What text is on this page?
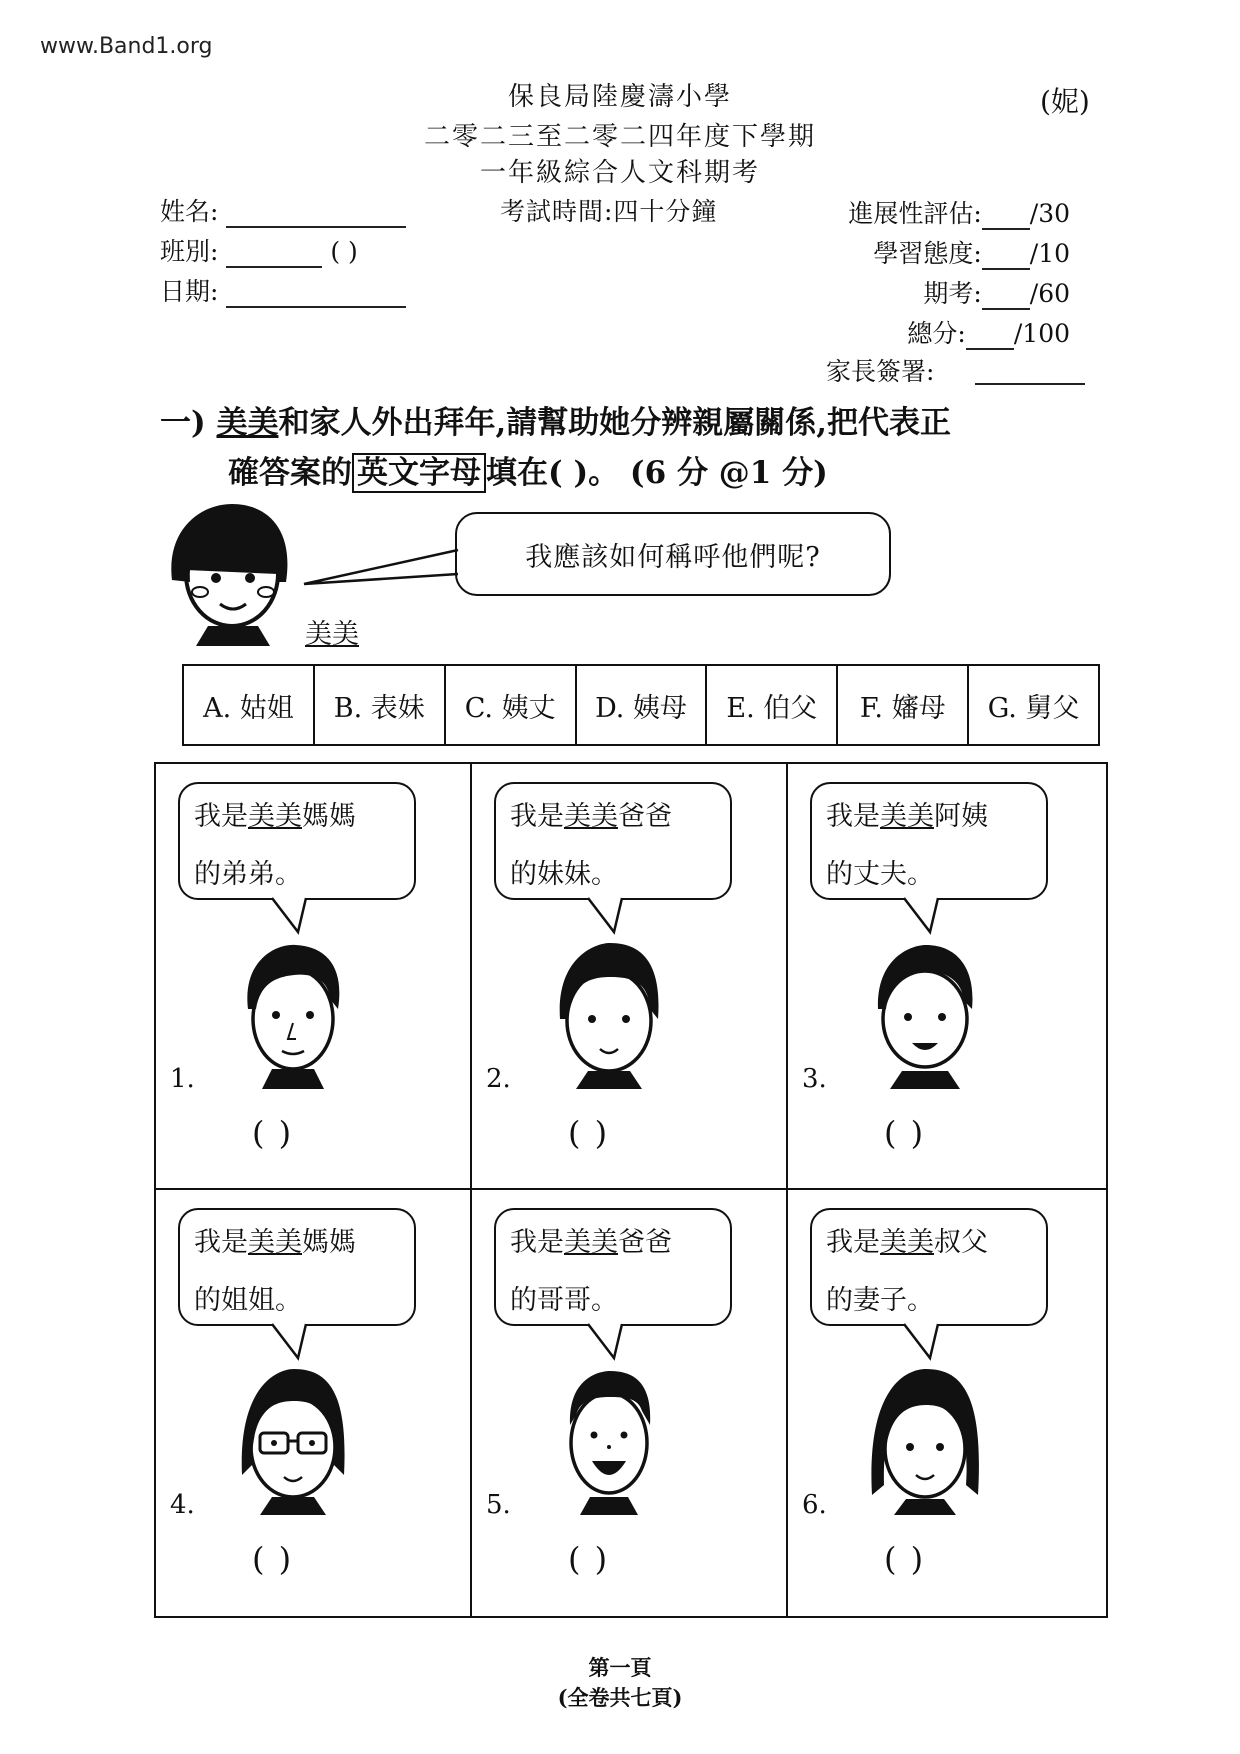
www.Band1.org
(妮)
保良局陸慶濤小學
二零二三至二零二四年度下學期
一年級綜合人文科期考
考試時間:四十分鐘
姓名:
班別:	( )
日期:
進展性評估: /30
學習態度: /10
期考: /60
總分: /100
家長簽署:
一) 美美和家人外出拜年,請幫助她分辨親屬關係,把代表正
確答案的 英文字母 填在( )。 (6 分 @1 分)
我應該如何稱呼他們呢?
美美
A. 姑姐	B. 表妹	C. 姨丈	D. 姨母	E. 伯父	F. 嬸母	G. 舅父
我是美美媽媽
的弟弟。
1.
( )
我是美美爸爸
的妹妹。
2.
( )
我是美美阿姨
的丈夫。
3.
( )
我是美美媽媽
的姐姐。
4.
( )
我是美美爸爸
的哥哥。
5.
( )
我是美美叔父
的妻子。
6.
( )
第一頁
(全卷共七頁)
